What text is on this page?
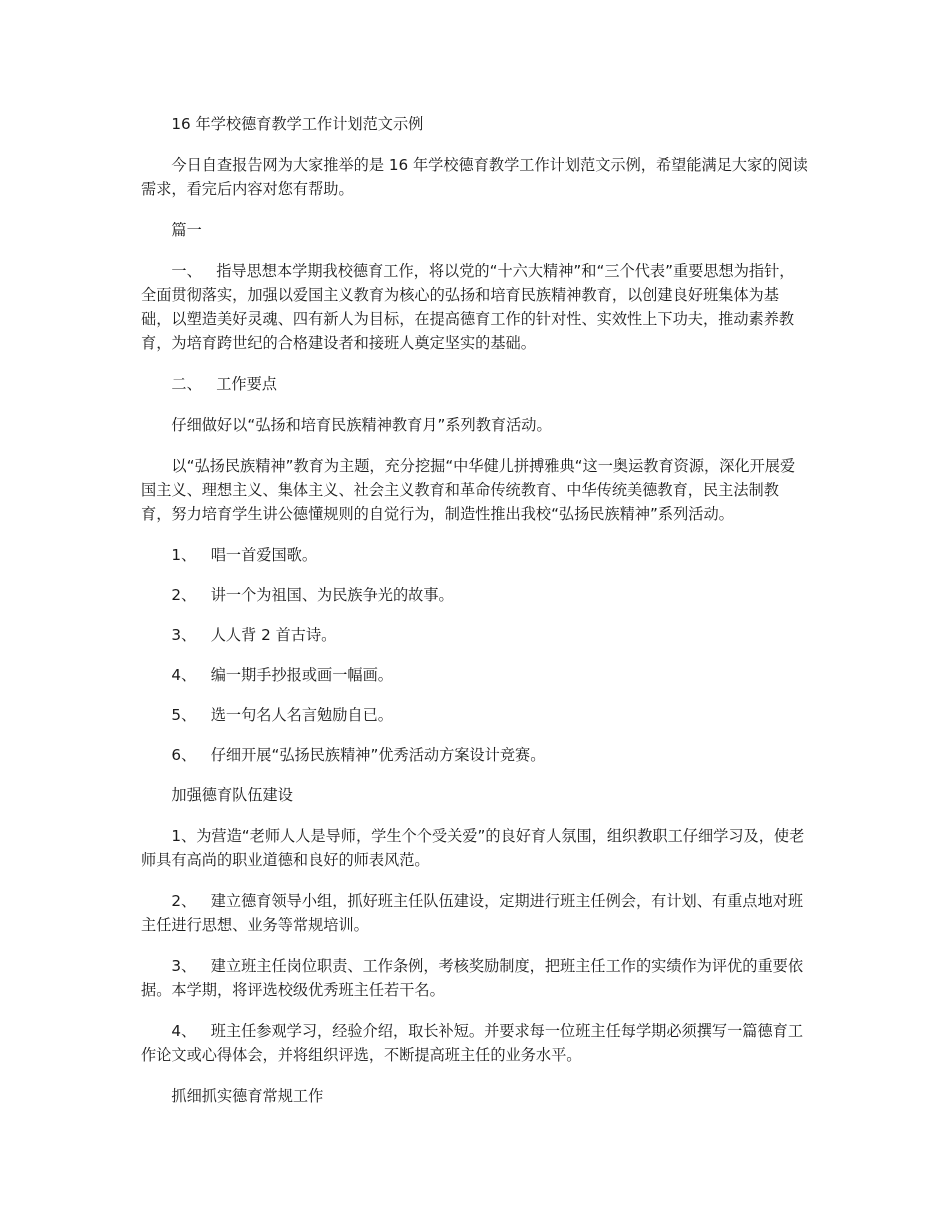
16 年学校德育教学工作计划范文示例

今日自查报告网为大家推举的是 16 年学校德育教学工作计划范文示例，希望能满足大家的阅读需求，看完后内容对您有帮助。

篇一

一、   指导思想本学期我校德育工作，将以党的“十六大精神”和“三个代表”重要思想为指针，全面贯彻落实，加强以爱国主义教育为核心的弘扬和培育民族精神教育，以创建良好班集体为基础，以塑造美好灵魂、四有新人为目标，在提高德育工作的针对性、实效性上下功夫，推动素养教育，为培育跨世纪的合格建设者和接班人奠定坚实的基础。

二、   工作要点

仔细做好以“弘扬和培育民族精神教育月”系列教育活动。

以“弘扬民族精神”教育为主题，充分挖掘“中华健儿拼搏雅典“这一奥运教育资源，深化开展爱国主义、理想主义、集体主义、社会主义教育和革命传统教育、中华传统美德教育，民主法制教育，努力培育学生讲公德懂规则的自觉行为，制造性推出我校“弘扬民族精神”系列活动。

1、   唱一首爱国歌。

2、   讲一个为祖国、为民族争光的故事。

3、   人人背 2 首古诗。

4、   编一期手抄报或画一幅画。

5、   选一句名人名言勉励自已。

6、   仔细开展“弘扬民族精神”优秀活动方案设计竞赛。

加强德育队伍建设

1、为营造“老师人人是导师，学生个个受关爱”的良好育人氛围，组织教职工仔细学习及，使老师具有高尚的职业道德和良好的师表风范。

2、   建立德育领导小组，抓好班主任队伍建设，定期进行班主任例会，有计划、有重点地对班主任进行思想、业务等常规培训。

3、   建立班主任岗位职责、工作条例，考核奖励制度，把班主任工作的实绩作为评优的重要依据。本学期，将评选校级优秀班主任若干名。

4、   班主任参观学习，经验介绍，取长补短。并要求每一位班主任每学期必须撰写一篇德育工作论文或心得体会，并将组织评选，不断提高班主任的业务水平。

抓细抓实德育常规工作
